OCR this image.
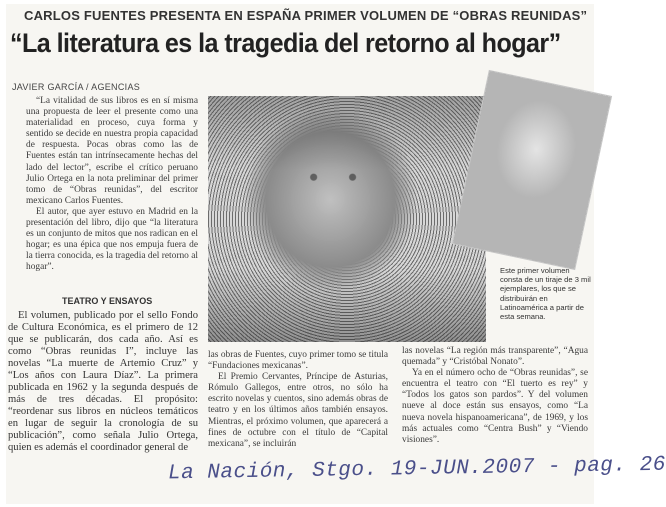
CARLOS FUENTES PRESENTA EN ESPAÑA PRIMER VOLUMEN DE “OBRAS REUNIDAS”
“La literatura es la tragedia del retorno al hogar”
JAVIER GARCÍA / AGENCIAS

“La vitalidad de sus libros es en sí misma una propuesta de leer el presente como una materialidad en proceso, cuya forma y sentido se decide en nuestra propia capacidad de respuesta. Pocas obras como las de Fuentes están tan intrínsecamente hechas del lado del lector”, escribe el crítico peruano Julio Ortega en la nota preliminar del primer tomo de “Obras reunidas”, del escritor mexicano Carlos Fuentes.

El autor, que ayer estuvo en Madrid en la presentación del libro, dijo que “la literatura es un conjunto de mitos que nos radican en el hogar; es una épica que nos empuja fuera de la tierra conocida, es la tragedia del retorno al hogar”.

TEATRO Y ENSAYOS

El volumen, publicado por el sello Fondo de Cultura Económica, es el primero de 12 que se publicarán, dos cada año. Así es como “Obras reunidas I”, incluye las novelas “La muerte de Artemio Cruz” y “Los años con Laura Díaz”. La primera publicada en 1962 y la segunda después de más de tres décadas. El propósito: “reordenar sus libros en núcleos temáticos en lugar de seguir la cronología de su publicación”, como señala Julio Ortega, quien es además el coordinador general de

Este primer volumen consta de un tiraje de 3 mil ejemplares, los que se distribuirán en Latinoamérica a partir de esta semana.

las obras de Fuentes, cuyo primer tomo se titula “Fundaciones mexicanas”.

El Premio Cervantes, Príncipe de Asturias, Rómulo Gallegos, entre otros, no sólo ha escrito novelas y cuentos, sino además obras de teatro y en los últimos años también ensayos. Mientras, el próximo volumen, que aparecerá a fines de octubre con el título de “Capital mexicana”, se incluirán

las novelas “La región más transparente”, “Agua quemada” y “Cristóbal Nonato”.

Ya en el número ocho de “Obras reunidas”, se encuentra el teatro con “El tuerto es rey” y “Todos los gatos son pardos”. Y del volumen nueve al doce están sus ensayos, como “La nueva novela hispanoamericana”, de 1969, y los más actuales como “Centra Bush” y “Viendo visiones”.

La Nación, Stgo. 19-JUN.2007 - pag. 26
